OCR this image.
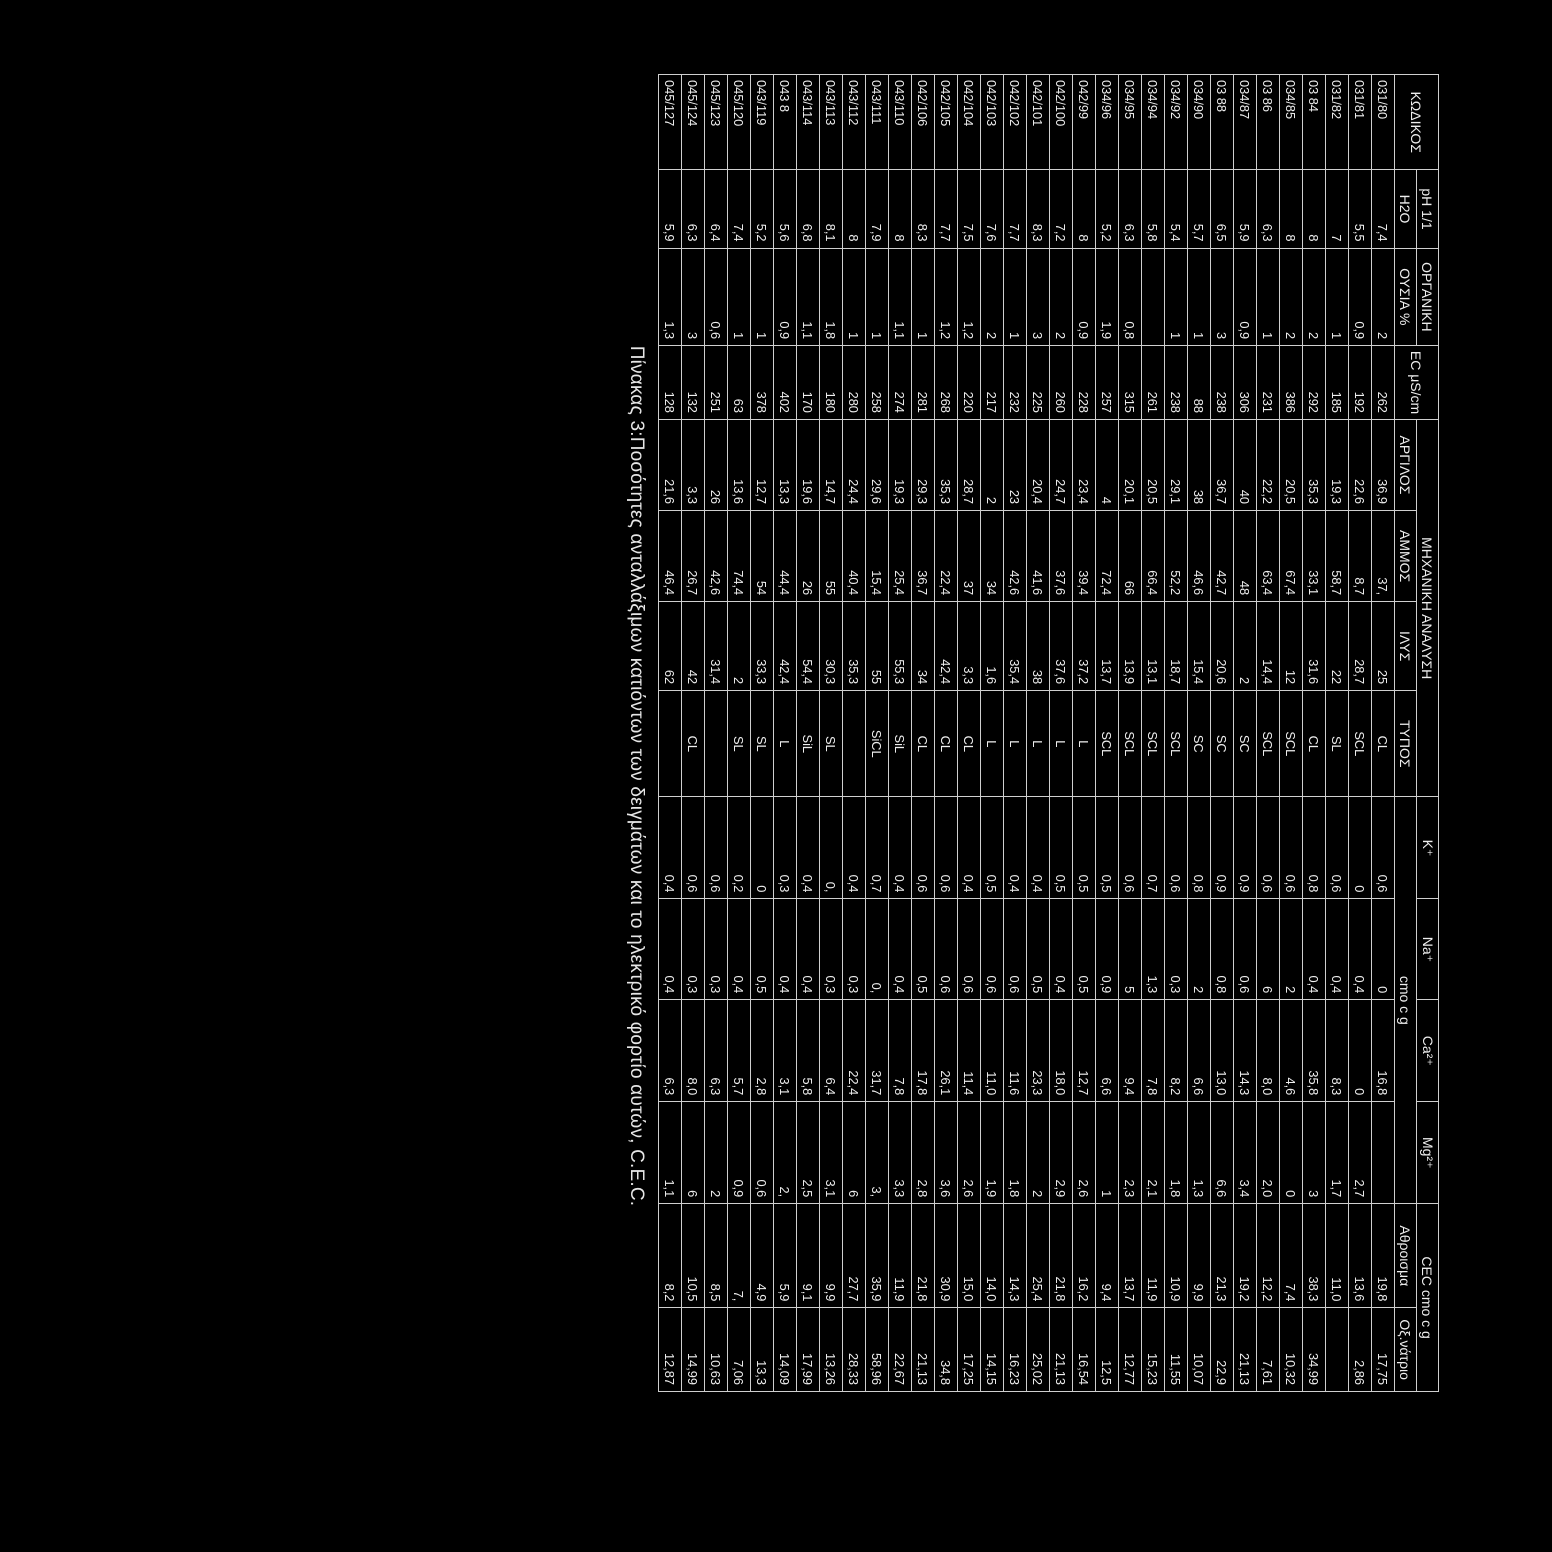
Πίνακας 3:Ποσότητες ανταλλάξιμων κατιόντων των δειγμάτων και το ηλεκτρικό φορτίο αυτών, C.E.C.
ΚΩΔΙΚΟΣ	pH 1/1	ΟΡΓΑΝΙΚΗ	EC μS/cm	ΜΗΧΑΝΙΚΗ ΑΝΑΛΥΣΗ				K⁺	Na⁺	Ca²⁺	Mg²⁺	CEC cmo c g	
	H2O	ΟΥΣΙΑ %		ΑΡΓΙΛΟΣ	ΑΜΜΟΣ	ΙΛΥΣ	ΤΥΠΟΣ	cmo c g				Αθροισμα	Οξ.νάτριο
031/80	7,4	2	262	36,9	37,	25	CL	0,6	0	16,8		19,8	17,75
031/81	5,5	0,9	192	22,6	8,7	28,7	SCL	0	0,4	0	2,7	13,6	2,86
031/82	7	1	185	19,3	58,7	22	SL	0,6	0,4	8,3	1,7	11,0	
03 84	8	2	292	35,3	33,1	31,6	CL	0,8	0,4	35,8	3	38,3	34,99
034/85	8	2	386	20,5	67,4	12	SCL	0,6	2	4,6	0	7,4	10,32
03 86	6,3	1	231	22,2	63,4	14,4	SCL	0,6	6	8,0	2,0	12,2	7,61
034/87	5,9	0,9	306	40	48	2	SC	0,9	0,6	14,3	3,4	19,2	21,13
03 88	6,5	3	238	36,7	42,7	20,6	SC	0,9	0,8	13,0	6,6	21,3	22,9
034/90	5,7	1	88	38	46,6	15,4	SC	0,8	2	6,6	1,3	9,9	10,07
034/92	5,4	1	238	29,1	52,2	18,7	SCL	0,6	0,3	8,2	1,8	10,9	11,55
034/94	5,8		261	20,5	66,4	13,1	SCL	0,7	1,3	7,8	2,1	11,9	15,23
034/95	6,3	0,8	315	20,1	66	13,9	SCL	0,6	5	9,4	2,3	13,7	12,77
034/96	5,2	1,9	257	4	72,4	13,7	SCL	0,5	0,9	6,6	1	9,4	12,5
042/99	8	0,9	228	23,4	39,4	37,2	L	0,5	0,5	12,7	2,6	16,2	16,54
042/100	7,2	2	260	24,7	37,6	37,6	L	0,5	0,4	18,0	2,9	21,8	21,13
042/101	8,3	3	225	20,4	41,6	38	L	0,4	0,5	23,3	2	25,4	25,02
042/102	7,7	1	232	23	42,6	35,4	L	0,4	0,6	11,6	1,8	14,3	16,23
042/103	7,6	2	217	2	34	1,6	L	0,5	0,6	11,0	1,9	14,0	14,15
042/104	7,5	1,2	220	28,7	37	3,3	CL	0,4	0,6	11,4	2,6	15,0	17,25
042/105	7,7	1,2	268	35,3	22,4	42,4	CL	0,6	0,6	26,1	3,6	30,9	34,8
042/106	8,3	1	281	29,3	36,7	34	CL	0,6	0,5	17,8	2,8	21,8	21,13
043/110	8	1,1	274	19,3	25,4	55,3	SiL	0,4	0,4	7,8	3,3	11,9	22,67
043/111	7,9	1	258	29,6	15,4	55	SiCL	0,7	0,	31,7	3,	35,9	58,96
043/112	8	1	280	24,4	40,4	35,3		0,4	0,3	22,4	6	27,7	28,33
043/113	8,1	1,8	180	14,7	55	30,3	SL	0,	0,3	6,4	3,1	9,9	13,26
043/114	6,8	1,1	170	19,6	26	54,4	SiL	0,4	0,4	5,8	2,5	9,1	17,99
043 8	5,6	0,9	402	13,3	44,4	42,4	L	0,3	0,4	3,1	2,	5,9	14,09
043/119	5,2	1	378	12,7	54	33,3	SL	0	0,5	2,8	0,6	4,9	13,3
045/120	7,4	1	63	13,6	74,4	2	SL	0,2	0,4	5,7	0,9	7,	7,06
045/123	6,4	0,6	251	26	42,6	31,4		0,6	0,3	6,3	2	8,5	10,63
045/124	6,3	3	132	3,3	26,7	42	CL	0,6	0,3	8,0	6	10,5	14,99
045/127	5,9	1,3	128	21,6	46,4	62		0,4	0,4	6,3	1,1	8,2	12,87
